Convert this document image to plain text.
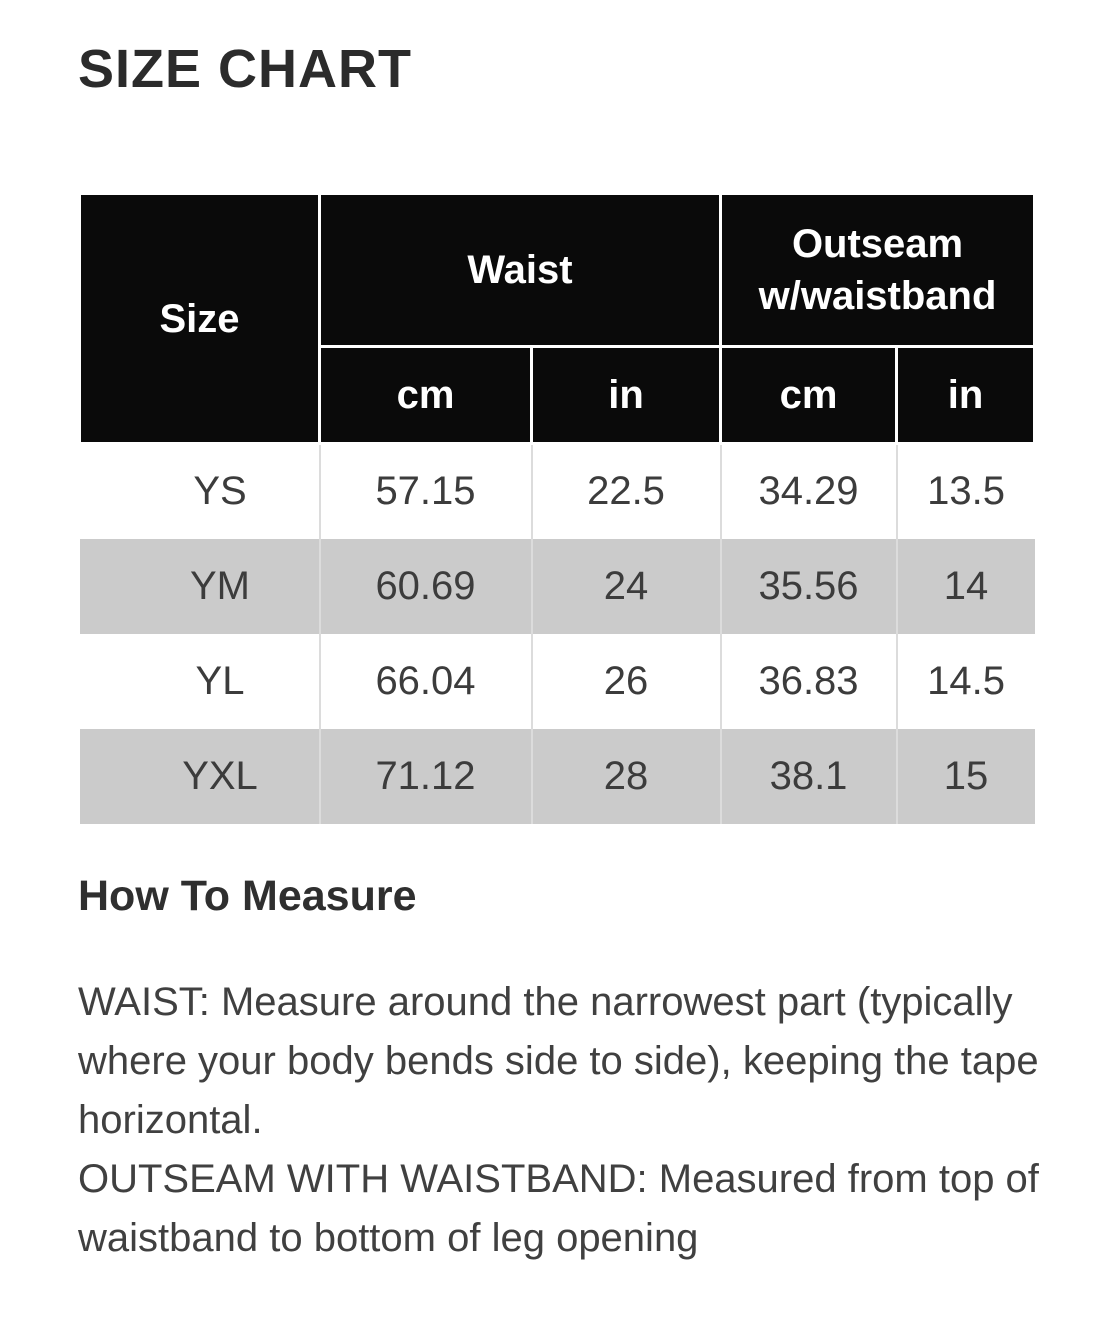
SIZE CHART
Size	Waist		Outseam w/waistband	
	cm	in	cm	in
YS	57.15	22.5	34.29	13.5
YM	60.69	24	35.56	14
YL	66.04	26	36.83	14.5
YXL	71.12	28	38.1	15
How To Measure
WAIST: Measure around the narrowest part (typically
where your body bends side to side), keeping the tape
horizontal.
OUTSEAM WITH WAISTBAND: Measured from top of
waistband to bottom of leg opening
